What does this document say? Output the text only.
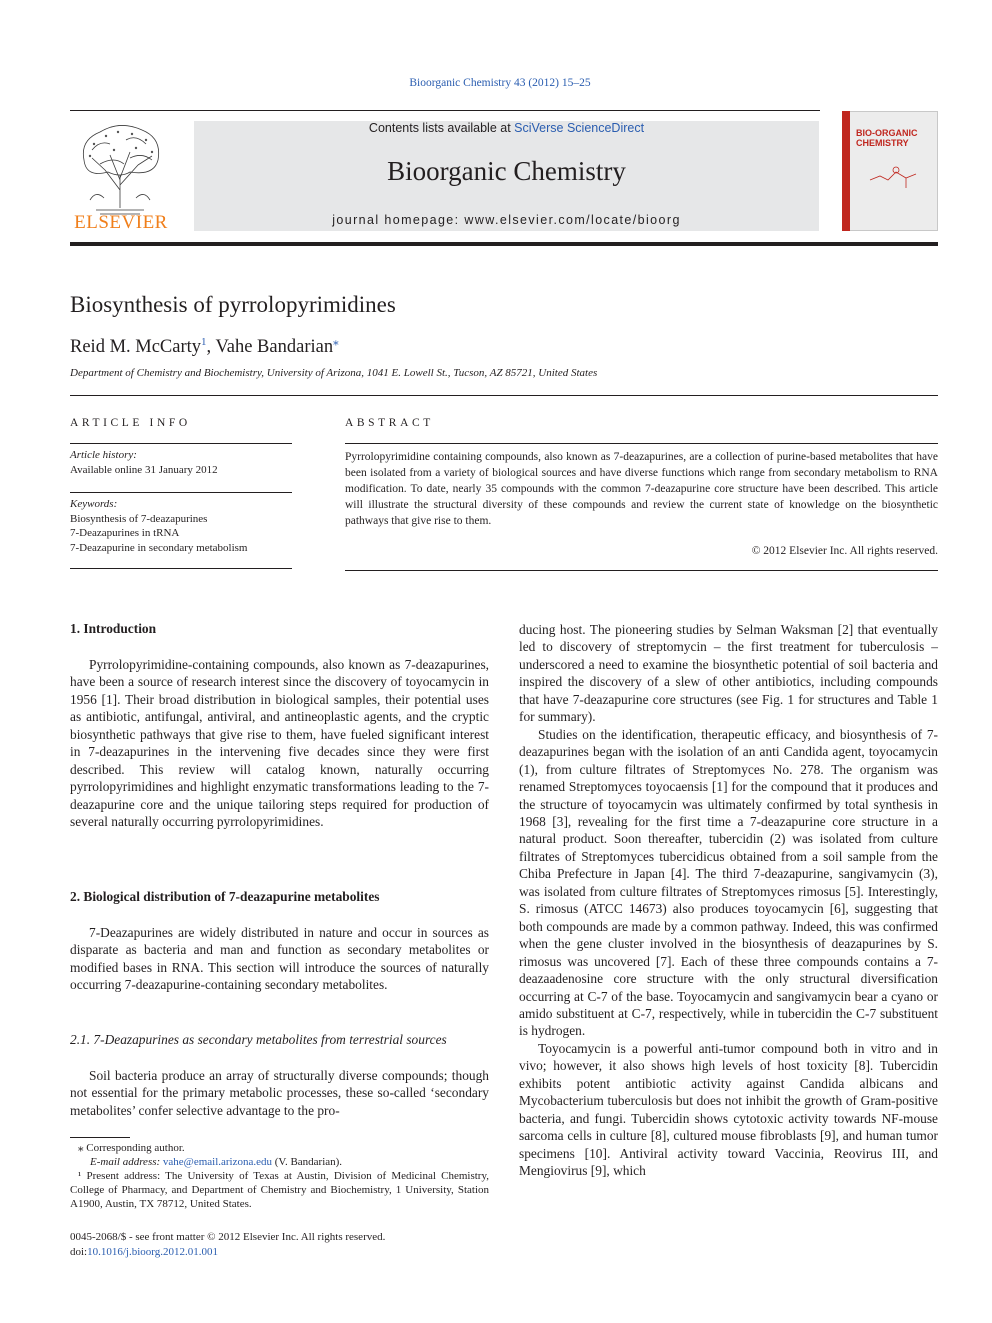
Bioorganic Chemistry 43 (2012) 15–25
ELSEVIER
Contents lists available at SciVerse ScienceDirect
Bioorganic Chemistry
journal homepage: www.elsevier.com/locate/bioorg
BIO-ORGANIC CHEMISTRY
Biosynthesis of pyrrolopyrimidines
Reid M. McCarty$^1$, Vahe Bandarian⁎
Department of Chemistry and Biochemistry, University of Arizona, 1041 E. Lowell St., Tucson, AZ 85721, United States
ARTICLE INFO	ABSTRACT
Article history:
Available online 31 January 2012
Keywords:
Biosynthesis of 7-deazapurines
7-Deazapurines in tRNA
7-Deazapurine in secondary metabolism
Pyrrolopyrimidine containing compounds, also known as 7-deazapurines, are a collection of purine-based metabolites that have been isolated from a variety of biological sources and have diverse functions which range from secondary metabolism to RNA modification. To date, nearly 35 compounds with the common 7-deazapurine core structure have been described. This article will illustrate the structural diversity of these compounds and review the current state of knowledge on the biosynthetic pathways that give rise to them.
© 2012 Elsevier Inc. All rights reserved.
1. Introduction

Pyrrolopyrimidine-containing compounds, also known as 7-deazapurines, have been a source of research interest since the discovery of toyocamycin in 1956 [1]. Their broad distribution in biological samples, their potential uses as antibiotic, antifungal, antiviral, and antineoplastic agents, and the cryptic biosynthetic pathways that give rise to them, have fueled significant interest in 7-deazapurines in the intervening five decades since they were first described. This review will catalog known, naturally occurring pyrrolopyrimidines and highlight enzymatic transformations leading to the 7-deazapurine core and the unique tailoring steps required for production of several naturally occurring pyrrolopyrimidines.

2. Biological distribution of 7-deazapurine metabolites

7-Deazapurines are widely distributed in nature and occur in sources as disparate as bacteria and man and function as secondary metabolites or modified bases in RNA. This section will introduce the sources of naturally occurring 7-deazapurine-containing secondary metabolites.

2.1. 7-Deazapurines as secondary metabolites from terrestrial sources

Soil bacteria produce an array of structurally diverse compounds; though not essential for the primary metabolic processes, these so-called ‘secondary metabolites’ confer selective advantage to the pro-

ducing host. The pioneering studies by Selman Waksman [2] that eventually led to discovery of streptomycin – the first treatment for tuberculosis – underscored a need to examine the biosynthetic potential of soil bacteria and inspired the discovery of a slew of other antibiotics, including compounds that have 7-deazapurine core structures (see Fig. 1 for structures and Table 1 for summary).

Studies on the identification, therapeutic efficacy, and biosynthesis of 7-deazapurines began with the isolation of an anti Candida agent, toyocamycin (1), from culture filtrates of Streptomyces No. 278. The organism was renamed Streptomyces toyocaensis [1] for the compound that it produces and the structure of toyocamycin was ultimately confirmed by total synthesis in 1968 [3], revealing for the first time a 7-deazapurine core structure in a natural product. Soon thereafter, tubercidin (2) was isolated from culture filtrates of Streptomyces tubercidicus obtained from a soil sample from the Chiba Prefecture in Japan [4]. The third 7-deazapurine, sangivamycin (3), was isolated from culture filtrates of Streptomyces rimosus [5]. Interestingly, S. rimosus (ATCC 14673) also produces toyocamycin [6], suggesting that both compounds are made by a common pathway. Indeed, this was confirmed when the gene cluster involved in the biosynthesis of deazapurines by S. rimosus was uncovered [7]. Each of these three compounds contains a 7-deazaadenosine core structure with the only structural diversification occurring at C-7 of the base. Toyocamycin and sangivamycin bear a cyano or amido substituent at C-7, respectively, while in tubercidin the C-7 substituent is hydrogen.

Toyocamycin is a powerful anti-tumor compound both in vitro and in vivo; however, it also shows high levels of host toxicity [8]. Tubercidin exhibits potent antibiotic activity against Candida albicans and Mycobacterium tuberculosis but does not inhibit the growth of Gram-positive bacteria, and fungi. Tubercidin shows cytotoxic activity towards NF-mouse sarcoma cells in culture [8], cultured mouse fibroblasts [9], and human tumor specimens [10]. Antiviral activity toward Vaccinia, Reovirus III, and Mengiovirus [9], which

⁎ Corresponding author.
E-mail address: vahe@email.arizona.edu (V. Bandarian).
¹ Present address: The University of Texas at Austin, Division of Medicinal Chemistry, College of Pharmacy, and Department of Chemistry and Biochemistry, 1 University, Station A1900, Austin, TX 78712, United States.
0045-2068/$ - see front matter © 2012 Elsevier Inc. All rights reserved.
doi:10.1016/j.bioorg.2012.01.001
